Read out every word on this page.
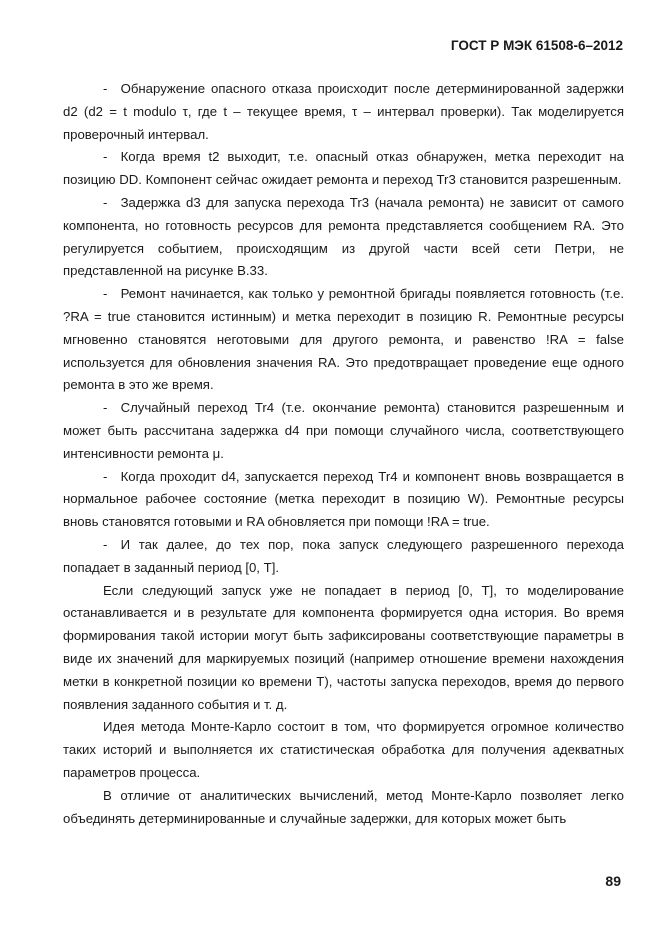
ГОСТ Р МЭК 61508-6–2012

- Обнаружение опасного отказа происходит после детерминированной задержки d2 (d2 = t modulo τ, где t – текущее время, τ – интервал проверки). Так моделируется проверочный интервал.

- Когда время t2 выходит, т.е. опасный отказ обнаружен, метка переходит на позицию DD. Компонент сейчас ожидает ремонта и переход Tr3 становится разрешенным.

- Задержка d3 для запуска перехода Tr3 (начала ремонта) не зависит от самого компонента, но готовность ресурсов для ремонта представляется сообщением RA. Это регулируется событием, происходящим из другой части всей сети Петри, не представленной на рисунке В.33.

- Ремонт начинается, как только у ремонтной бригады появляется готовность (т.е. ?RA = true становится истинным) и метка переходит в позицию R. Ремонтные ресурсы мгновенно становятся неготовыми для другого ремонта, и равенство !RA = false используется для обновления значения RA. Это предотвращает проведение еще одного ремонта в это же время.

- Случайный переход Tr4 (т.е. окончание ремонта) становится разрешенным и может быть рассчитана задержка d4 при помощи случайного числа, соответствующего интенсивности ремонта μ.

- Когда проходит d4, запускается переход Tr4 и компонент вновь возвращается в нормальное рабочее состояние (метка переходит в позицию W). Ремонтные ресурсы вновь становятся готовыми и RA обновляется при помощи !RA = true.

- И так далее, до тех пор, пока запуск следующего разрешенного перехода попадает в заданный период [0, T].

Если следующий запуск уже не попадает в период [0, T], то моделирование останавливается и в результате для компонента формируется одна история. Во время формирования такой истории могут быть зафиксированы соответствующие параметры в виде их значений для маркируемых позиций (например отношение времени нахождения метки в конкретной позиции ко времени T), частоты запуска переходов, время до первого появления заданного события и т. д.

Идея метода Монте-Карло состоит в том, что формируется огромное количество таких историй и выполняется их статистическая обработка для получения адекватных параметров процесса.

В отличие от аналитических вычислений, метод Монте-Карло позволяет легко объединять детерминированные и случайные задержки, для которых может быть

89
